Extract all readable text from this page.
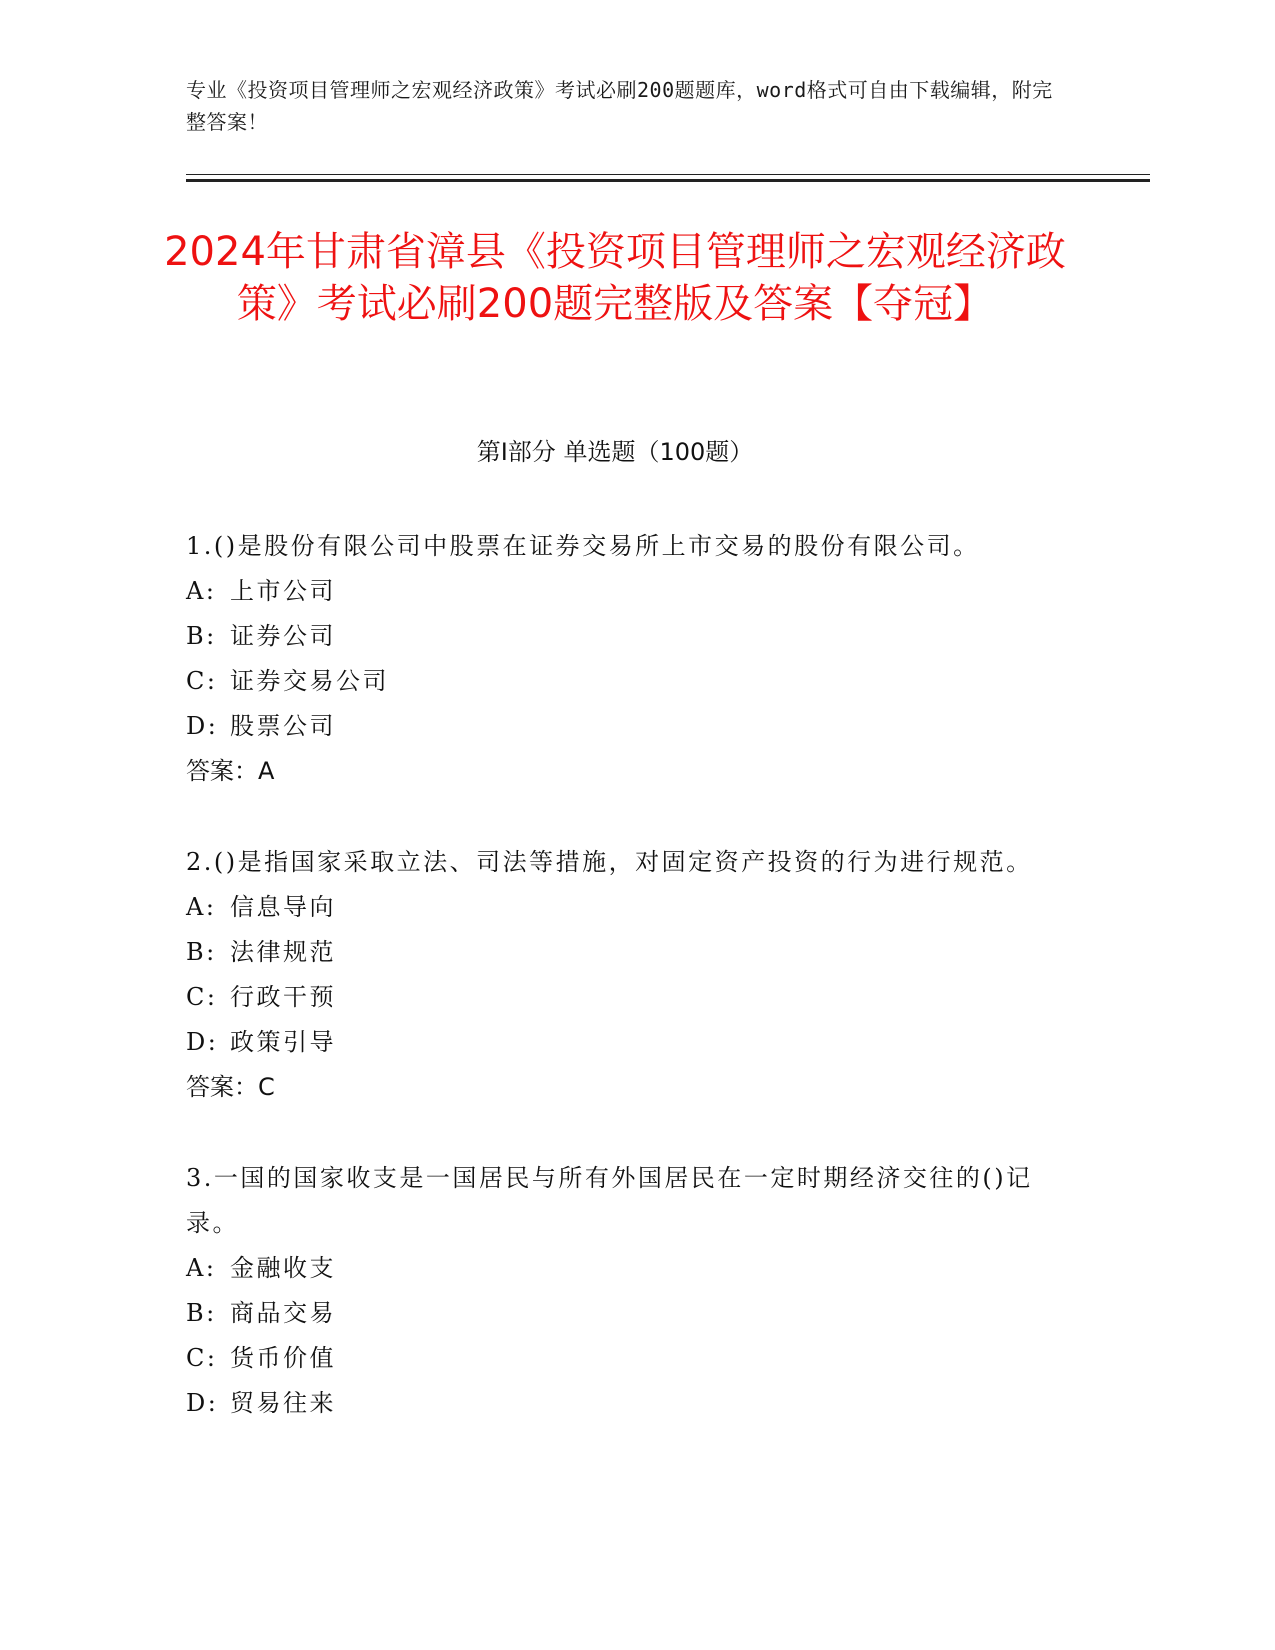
专业《投资项目管理师之宏观经济政策》考试必刷200题题库，word格式可自由下载编辑，附完整答案！
2024年甘肃省漳县《投资项目管理师之宏观经济政策》考试必刷200题完整版及答案【夺冠】
第I部分 单选题（100题）
1.()是股份有限公司中股票在证券交易所上市交易的股份有限公司。
A: 上市公司
B: 证券公司
C: 证券交易公司
D: 股票公司
答案：A
2.()是指国家采取立法、司法等措施，对固定资产投资的行为进行规范。
A: 信息导向
B: 法律规范
C: 行政干预
D: 政策引导
答案：C
3.一国的国家收支是一国居民与所有外国居民在一定时期经济交往的()记录。
A: 金融收支
B: 商品交易
C: 货币价值
D: 贸易往来
